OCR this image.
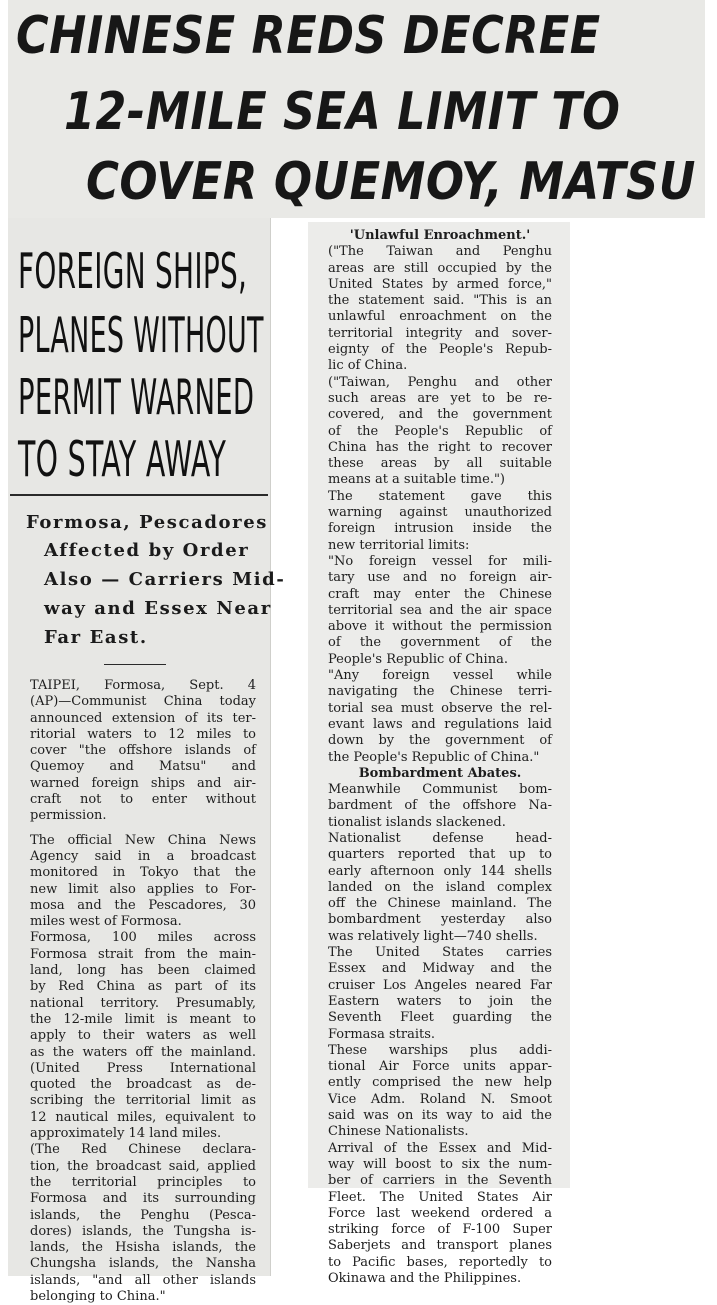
CHINESE REDS DECREE
12-MILE SEA LIMIT TO
COVER QUEMOY, MATSU
FOREIGN SHIPS,
PLANES WITHOUT
PERMIT WARNED
TO STAY AWAY
Formosa, Pescadores
Affected by Order
Also — Carriers Mid-
way and Essex Near
Far East.
TAIPEI, Formosa, Sept. 4
(AP)—Communist China today
announced extension of its ter-
ritorial waters to 12 miles to
cover "the offshore islands of
Quemoy and Matsu" and
warned foreign ships and air-
craft not to enter without
permission.
The official New China News
Agency said in a broadcast
monitored in Tokyo that the
new limit also applies to For-
mosa and the Pescadores, 30
miles west of Formosa.
Formosa, 100 miles across
Formosa strait from the main-
land, long has been claimed
by Red China as part of its
national territory. Presumably,
the 12-mile limit is meant to
apply to their waters as well
as the waters off the mainland.
(United Press International
quoted the broadcast as de-
scribing the territorial limit as
12 nautical miles, equivalent to
approximately 14 land miles.
(The Red Chinese declara-
tion, the broadcast said, applied
the territorial principles to
Formosa and its surrounding
islands, the Penghu (Pesca-
dores) islands, the Tungsha is-
lands, the Hsisha islands, the
Chungsha islands, the Nansha
islands, "and all other islands
belonging to China."
'Unlawful Enroachment.'
("The Taiwan and Penghu
areas are still occupied by the
United States by armed force,"
the statement said. "This is an
unlawful enroachment on the
territorial integrity and sover-
eignty of the People's Repub-
lic of China.
("Taiwan, Penghu and other
such areas are yet to be re-
covered, and the government
of the People's Republic of
China has the right to recover
these areas by all suitable
means at a suitable time.")
The statement gave this
warning against unauthorized
foreign intrusion inside the
new territorial limits:
"No foreign vessel for mili-
tary use and no foreign air-
craft may enter the Chinese
territorial sea and the air space
above it without the permission
of the government of the
People's Republic of China.
"Any foreign vessel while
navigating the Chinese terri-
torial sea must observe the rel-
evant laws and regulations laid
down by the government of
the People's Republic of China."
Bombardment Abates.
Meanwhile Communist bom-
bardment of the offshore Na-
tionalist islands slackened.
Nationalist defense head-
quarters reported that up to
early afternoon only 144 shells
landed on the island complex
off the Chinese mainland. The
bombardment yesterday also
was relatively light—740 shells.
The United States carries
Essex and Midway and the
cruiser Los Angeles neared Far
Eastern waters to join the
Seventh Fleet guarding the
Formasa straits.
These warships plus addi-
tional Air Force units appar-
ently comprised the new help
Vice Adm. Roland N. Smoot
said was on its way to aid the
Chinese Nationalists.
Arrival of the Essex and Mid-
way will boost to six the num-
ber of carriers in the Seventh
Fleet. The United States Air
Force last weekend ordered a
striking force of F-100 Super
Saberjets and transport planes
to Pacific bases, reportedly to
Okinawa and the Philippines.
